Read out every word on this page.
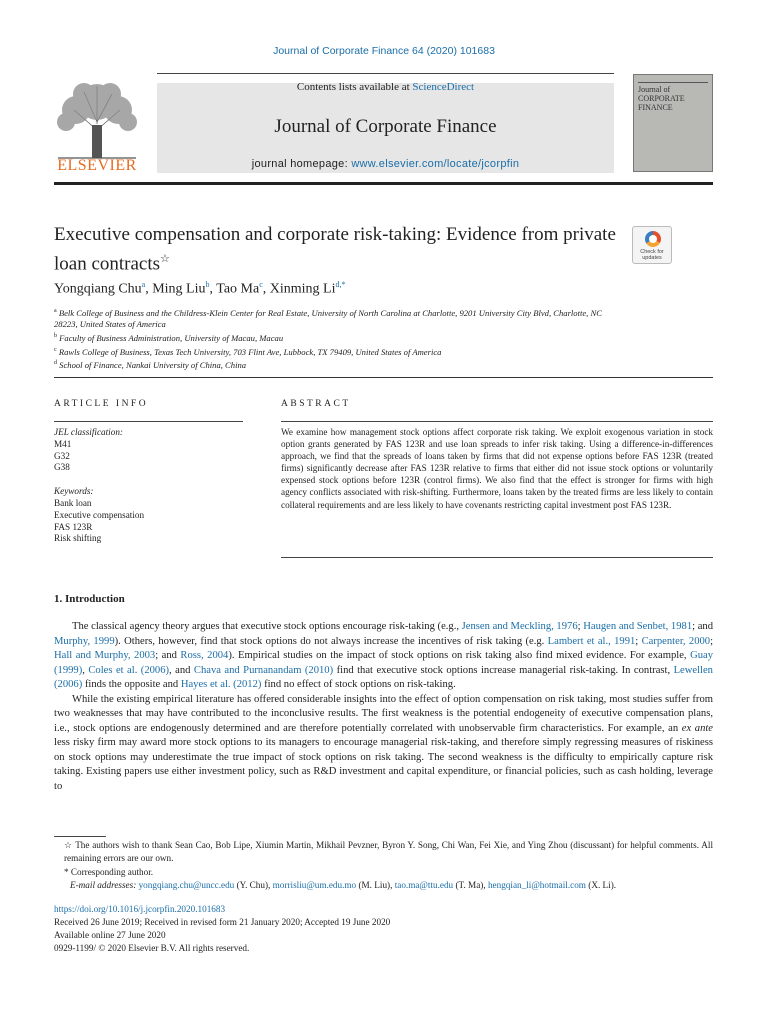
Journal of Corporate Finance 64 (2020) 101683
ELSEVIER
Contents lists available at ScienceDirect
Journal of Corporate Finance
journal homepage: www.elsevier.com/locate/jcorpfin
Journal of
CORPORATE
FINANCE
Executive compensation and corporate risk-taking: Evidence from private loan contracts☆
Check for
updates
Yongqiang Chu$^a$, Ming Liu$^b$, Tao Ma$^c$, Xinming $Li^{d,*}$
$^a$ Belk College of Business and the Childress-Klein Center for Real Estate, University of North Carolina at Charlotte, 9201 University City Blvd, Charlotte, NC 28223, United States of America
$^b$ Faculty of Business Administration, University of Macau, Macau
$^c$ Rawls College of Business, Texas Tech University, 703 Flint Ave, Lubbock, TX 79409, United States of America
$^d$ School of Finance, Nankai University of China, China
ARTICLE INFO	ABSTRACT
JEL classification:
M41
G32
G38
Keywords:
Bank loan
Executive compensation
FAS 123R
Risk shifting
We examine how management stock options affect corporate risk taking. We exploit exogenous variation in stock option grants generated by FAS 123R and use loan spreads to infer risk taking. Using a difference-in-differences approach, we find that the spreads of loans taken by firms that did not expense options before FAS 123R (treated firms) significantly decrease after FAS 123R relative to firms that either did not issue stock options or voluntarily expensed stock options before 123R (control firms). We also find that the effect is stronger for firms with high agency conflicts associated with risk-shifting. Furthermore, loans taken by the treated firms are less likely to contain collateral requirements and are less likely to have covenants restricting capital investment post FAS 123R.
1. Introduction

The classical agency theory argues that executive stock options encourage risk-taking (e.g., Jensen and Meckling, 1976; Haugen and Senbet, 1981; and Murphy, 1999). Others, however, find that stock options do not always increase the incentives of risk taking (e.g. Lambert et al., 1991; Carpenter, 2000; Hall and Murphy, 2003; and Ross, 2004). Empirical studies on the impact of stock options on risk taking also find mixed evidence. For example, Guay (1999), Coles et al. (2006), and Chava and Purnanandam (2010) find that executive stock options increase managerial risk-taking. In contrast, Lewellen (2006) finds the opposite and Hayes et al. (2012) find no effect of stock options on risk-taking.

While the existing empirical literature has offered considerable insights into the effect of option compensation on risk taking, most studies suffer from two weaknesses that may have contributed to the inconclusive results. The first weakness is the potential endogeneity of executive compensation plans, i.e., stock options are endogenously determined and are therefore potentially correlated with unobservable firm characteristics. For example, an ex ante less risky firm may award more stock options to its managers to encourage managerial risk-taking, and therefore simply regressing measures of riskiness on stock options may underestimate the true impact of stock options on risk taking. The second weakness is the difficulty to empirically capture risk taking. Existing papers use either investment policy, such as R&D investment and capital expenditure, or financial policies, such as cash holding, leverage to

☆ The authors wish to thank Sean Cao, Bob Lipe, Xiumin Martin, Mikhail Pevzner, Byron Y. Song, Chi Wan, Fei Xie, and Ying Zhou (discussant) for helpful comments. All remaining errors are our own.
* Corresponding author.
E-mail addresses: yongqiang.chu@uncc.edu (Y. Chu), morrisliu@um.edu.mo (M. Liu), tao.ma@ttu.edu (T. Ma), hengqian_li@hotmail.com (X. Li).
https://doi.org/10.1016/j.jcorpfin.2020.101683
Received 26 June 2019; Received in revised form 21 January 2020; Accepted 19 June 2020
Available online 27 June 2020
0929-1199/ © 2020 Elsevier B.V. All rights reserved.
